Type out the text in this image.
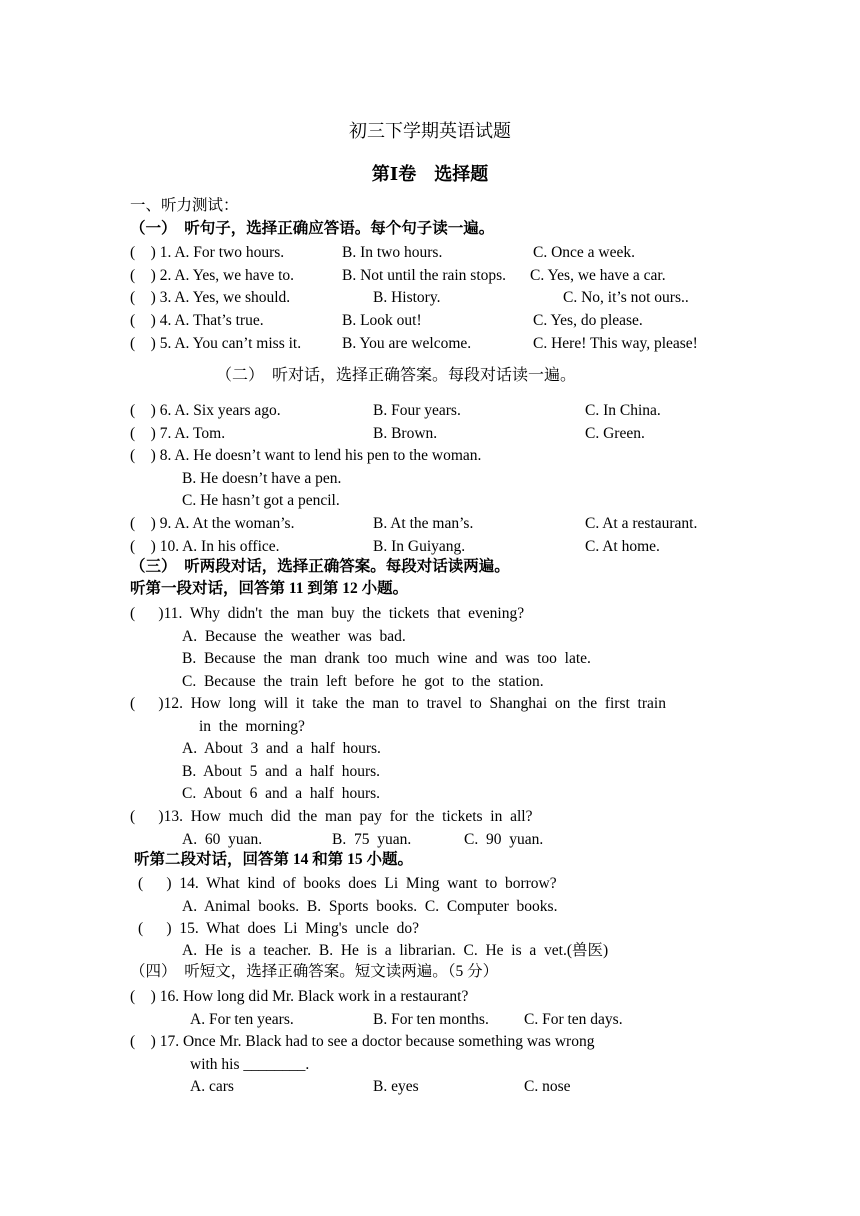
初三下学期英语试题
第Ⅰ卷　选择题
一、听力测试：
（一）　听句子，选择正确应答语。每个句子读一遍。
(    ) 1. A. For two hours.	B. In two hours.	C. Once a week.
(    ) 2. A. Yes, we have to.	B. Not until the rain stops. C. Yes, we have a car.
(    ) 3. A. Yes, we should.	B. History.	C. No, it’s not ours..
(    ) 4. A. That’s true.	B. Look out!	C. Yes, do please.
(    ) 5. A. You can’t miss it.	B. You are welcome.	C. Here! This way, please!
（二）　听对话，选择正确答案。每段对话读一遍。
(    ) 6. A. Six years ago.	B. Four years.	C. In China.
(    ) 7. A. Tom.	B. Brown.	C. Green.
(    ) 8. A. He doesn’t want to lend his pen to the woman.
B. He doesn’t have a pen.
C. He hasn’t got a pencil.
(    ) 9. A. At the woman’s.	B. At the man’s.	C. At a restaurant.
(    ) 10. A. In his office.	B. In Guiyang.	C. At home.
（三）　听两段对话，选择正确答案。每段对话读两遍。
听第一段对话，回答第 11 到第 12 小题。
(      )11.  Why  didn't  the  man  buy  the  tickets  that  evening?
A.  Because  the  weather  was  bad.
B.  Because  the  man  drank  too  much  wine  and  was  too  late.
C.  Because  the  train  left  before  he  got  to  the  station.
(      )12.  How  long  will  it  take  the  man  to  travel  to  Shanghai  on  the  first  train
in  the  morning?
A.  About  3  and  a  half  hours.
B.  About  5  and  a  half  hours.
C.  About  6  and  a  half  hours.
(      )13.  How  much  did  the  man  pay  for  the  tickets  in  all?
A.  60  yuan.	B.  75  yuan.	C.  90  yuan.
听第二段对话，回答第 14 和第 15 小题。
(      )  14.  What  kind  of  books  does  Li  Ming  want  to  borrow?
A.  Animal  books.  B.  Sports  books.  C.  Computer  books.
(      )  15.  What  does  Li  Ming's  uncle  do?
A.  He  is  a  teacher.  B.  He  is  a  librarian.  C.  He  is  a  vet.(兽医)
（四）  听短文，选择正确答案。短文读两遍。（5 分）
(    ) 16. How long did Mr. Black work in a restaurant?
A. For ten years.	B. For ten months. C. For ten days.
(    ) 17. Once Mr. Black had to see a doctor because something was wrong
with his ________.
A. cars	B. eyes	C. nose
